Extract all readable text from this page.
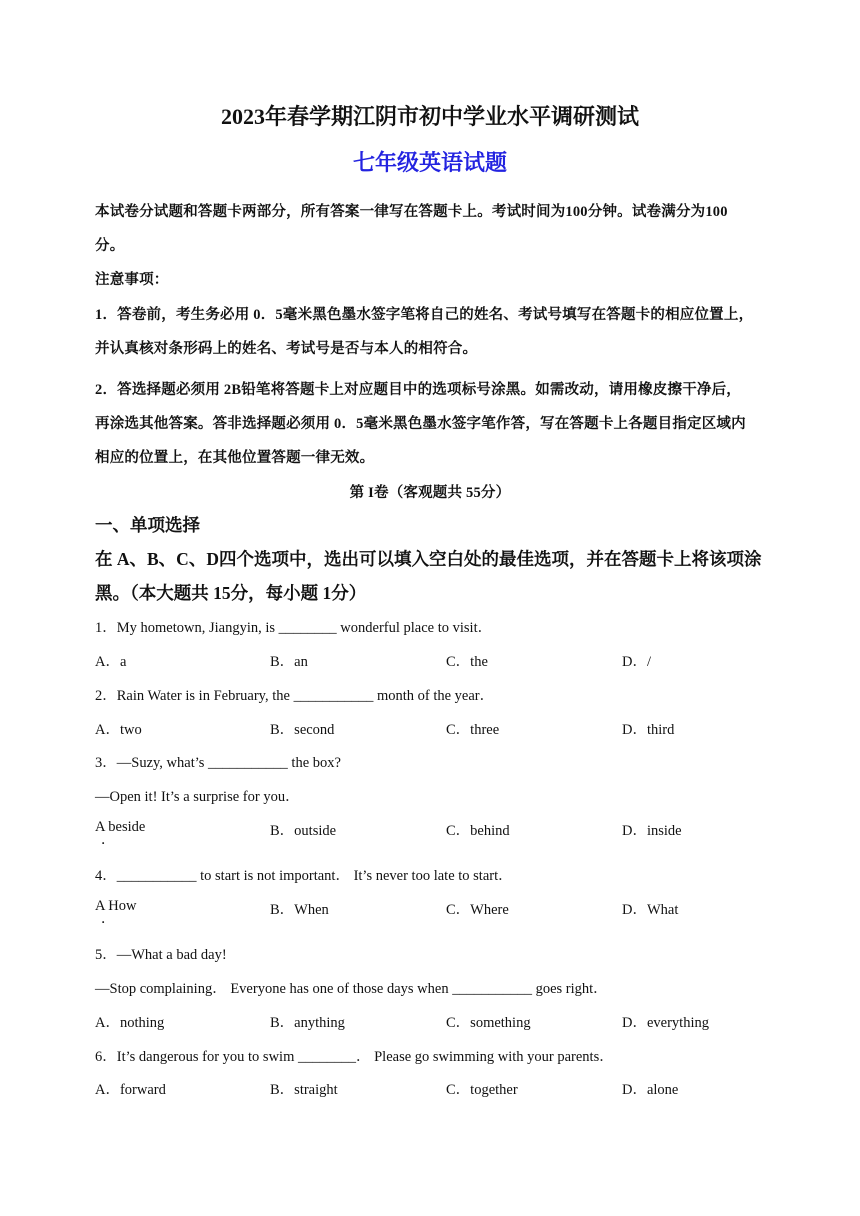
2023年春学期江阴市初中学业水平调研测试
七年级英语试题
本试卷分试题和答题卡两部分，所有答案一律写在答题卡上。考试时间为100分钟。试卷满分为100
分。
注意事项：
1．答卷前，考生务必用 0．5毫米黑色墨水签字笔将自己的姓名、考试号填写在答题卡的相应位置上，
并认真核对条形码上的姓名、考试号是否与本人的相符合。
2．答选择题必须用 2B铅笔将答题卡上对应题目中的选项标号涂黑。如需改动，请用橡皮擦干净后，
再涂选其他答案。答非选择题必须用 0．5毫米黑色墨水签字笔作答，写在答题卡上各题目指定区域内
相应的位置上，在其他位置答题一律无效。
第 I卷（客观题共 55分）
一、单项选择
在 A、B、C、D四个选项中，选出可以填入空白处的最佳选项，并在答题卡上将该项涂
黑。（本大题共 15分，每小题 1分）
1．My hometown, Jiangyin, is ________ wonderful place to visit．
A．a	B．an	C．the	D．/
2．Rain Water is in February, the ___________ month of the year．
A．two	B．second	C．three	D．third
3．—Suzy, what’s ___________ the box?
—Open it! It’s a surprise for you．
A beside
．
B．outside	C．behind	D．inside
4．___________ to start is not important． It’s never too late to start．
A How
．
B．When	C．Where	D．What
5．—What a bad day!
—Stop complaining． Everyone has one of those days when ___________ goes right．
A．nothing	B．anything	C．something	D．everything
6．It’s dangerous for you to swim ________． Please go swimming with your parents．
A．forward	B．straight	C．together	D．alone
